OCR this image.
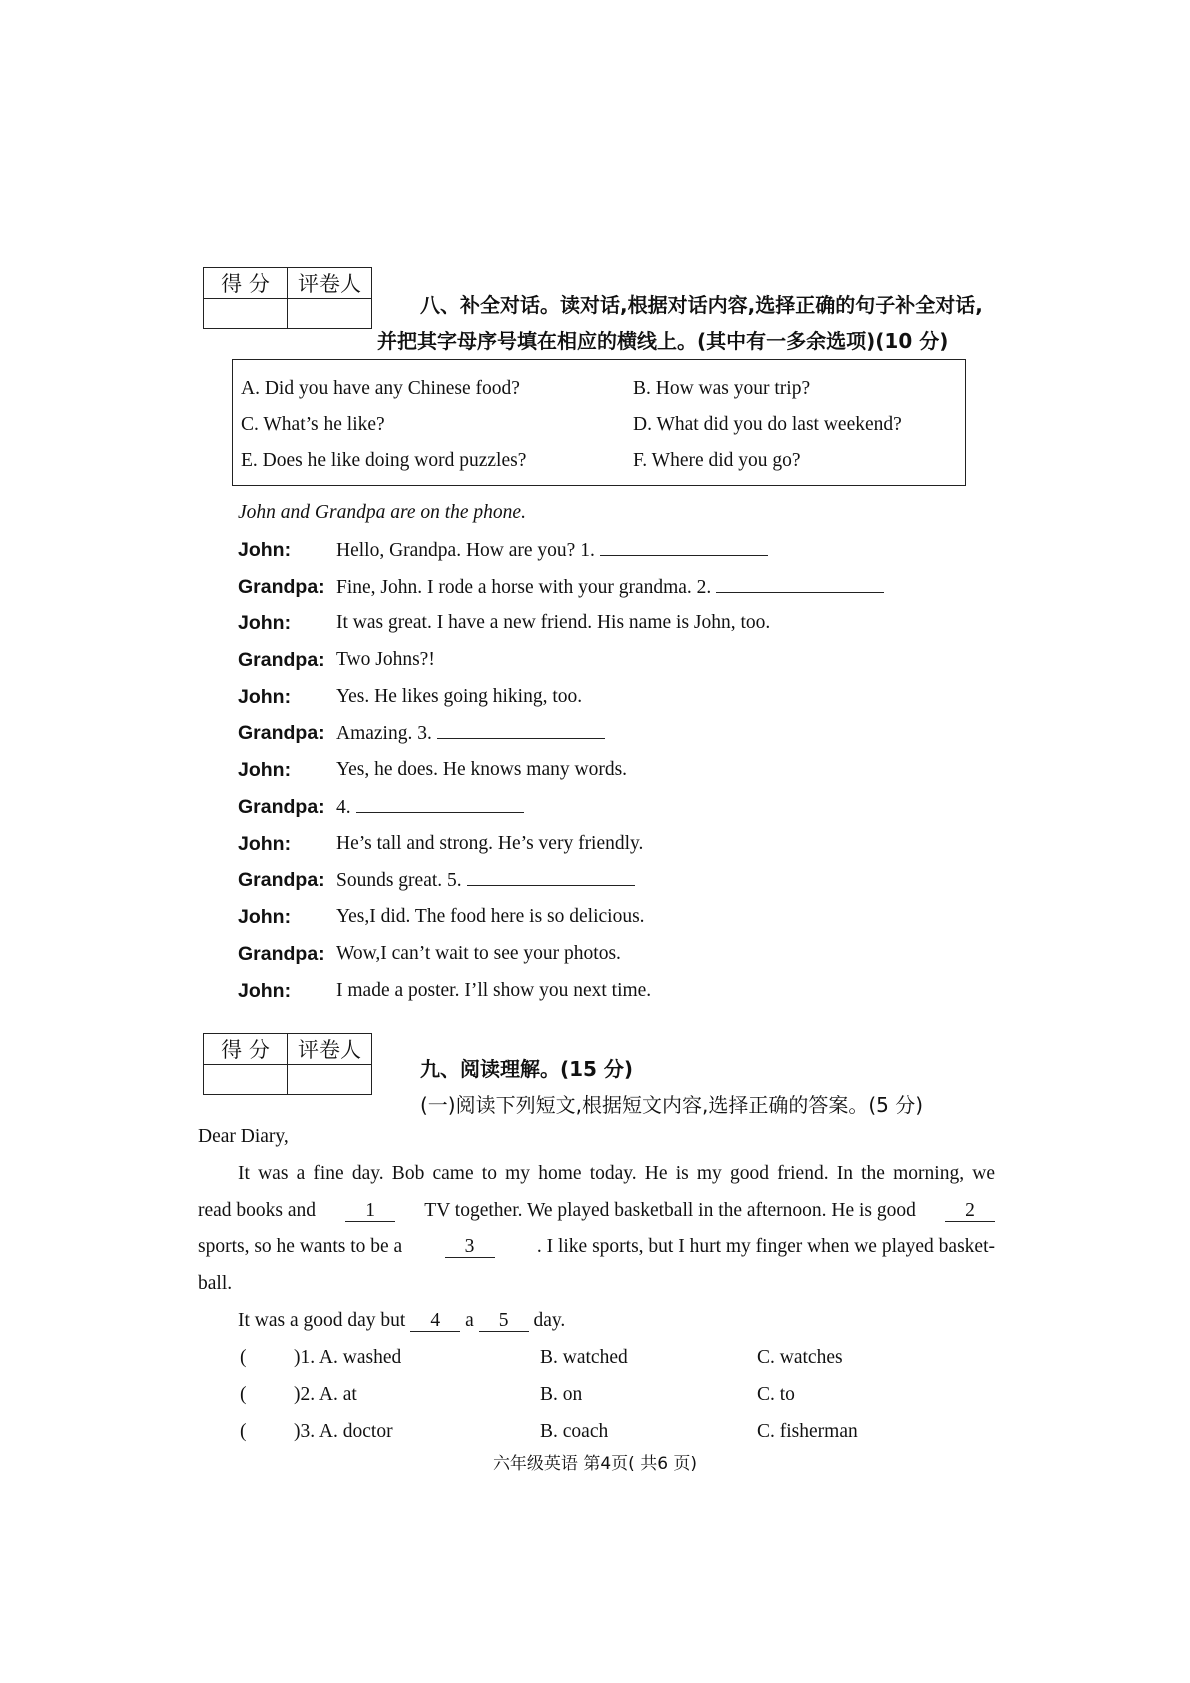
得 分	评卷人

八、补全对话。读对话,根据对话内容,选择正确的句子补全对话,
并把其字母序号填在相应的横线上。(其中有一多余选项)(10 分)
A. Did you have any Chinese food?	B. How was your trip?
C. What’s he like?	D. What did you do last weekend?
E. Does he like doing word puzzles?	F. Where did you go?
John and Grandpa are on the phone.
John: Hello, Grandpa. How are you? 1.
Grandpa: Fine, John. I rode a horse with your grandma. 2.
John: It was great. I have a new friend. His name is John, too.
Grandpa: Two Johns?!
John: Yes. He likes going hiking, too.
Grandpa: Amazing. 3.
John: Yes, he does. He knows many words.
Grandpa: 4.
John: He’s tall and strong. He’s very friendly.
Grandpa: Sounds great. 5.
John: Yes,I did. The food here is so delicious.
Grandpa: Wow,I can’t wait to see your photos.
John: I made a poster. I’ll show you next time.
得 分	评卷人

九、阅读理解。(15 分)
(一)阅读下列短文,根据短文内容,选择正确的答案。(5 分)
Dear Diary,
It was a fine day. Bob came to my home today. He is my good friend. In the morning, we
read books and	1	TV together. We played basketball in the afternoon. He is good	2
sports, so he wants to be a	3	. I like sports, but I hurt my finger when we played basket-
ball.
It was a good day but 4 a 5 day.
( )1. A. washed	B. watched	C. watches
( )2. A. at	B. on	C. to
( )3. A. doctor	B. coach	C. fisherman
六年级英语 第4页( 共6 页)
